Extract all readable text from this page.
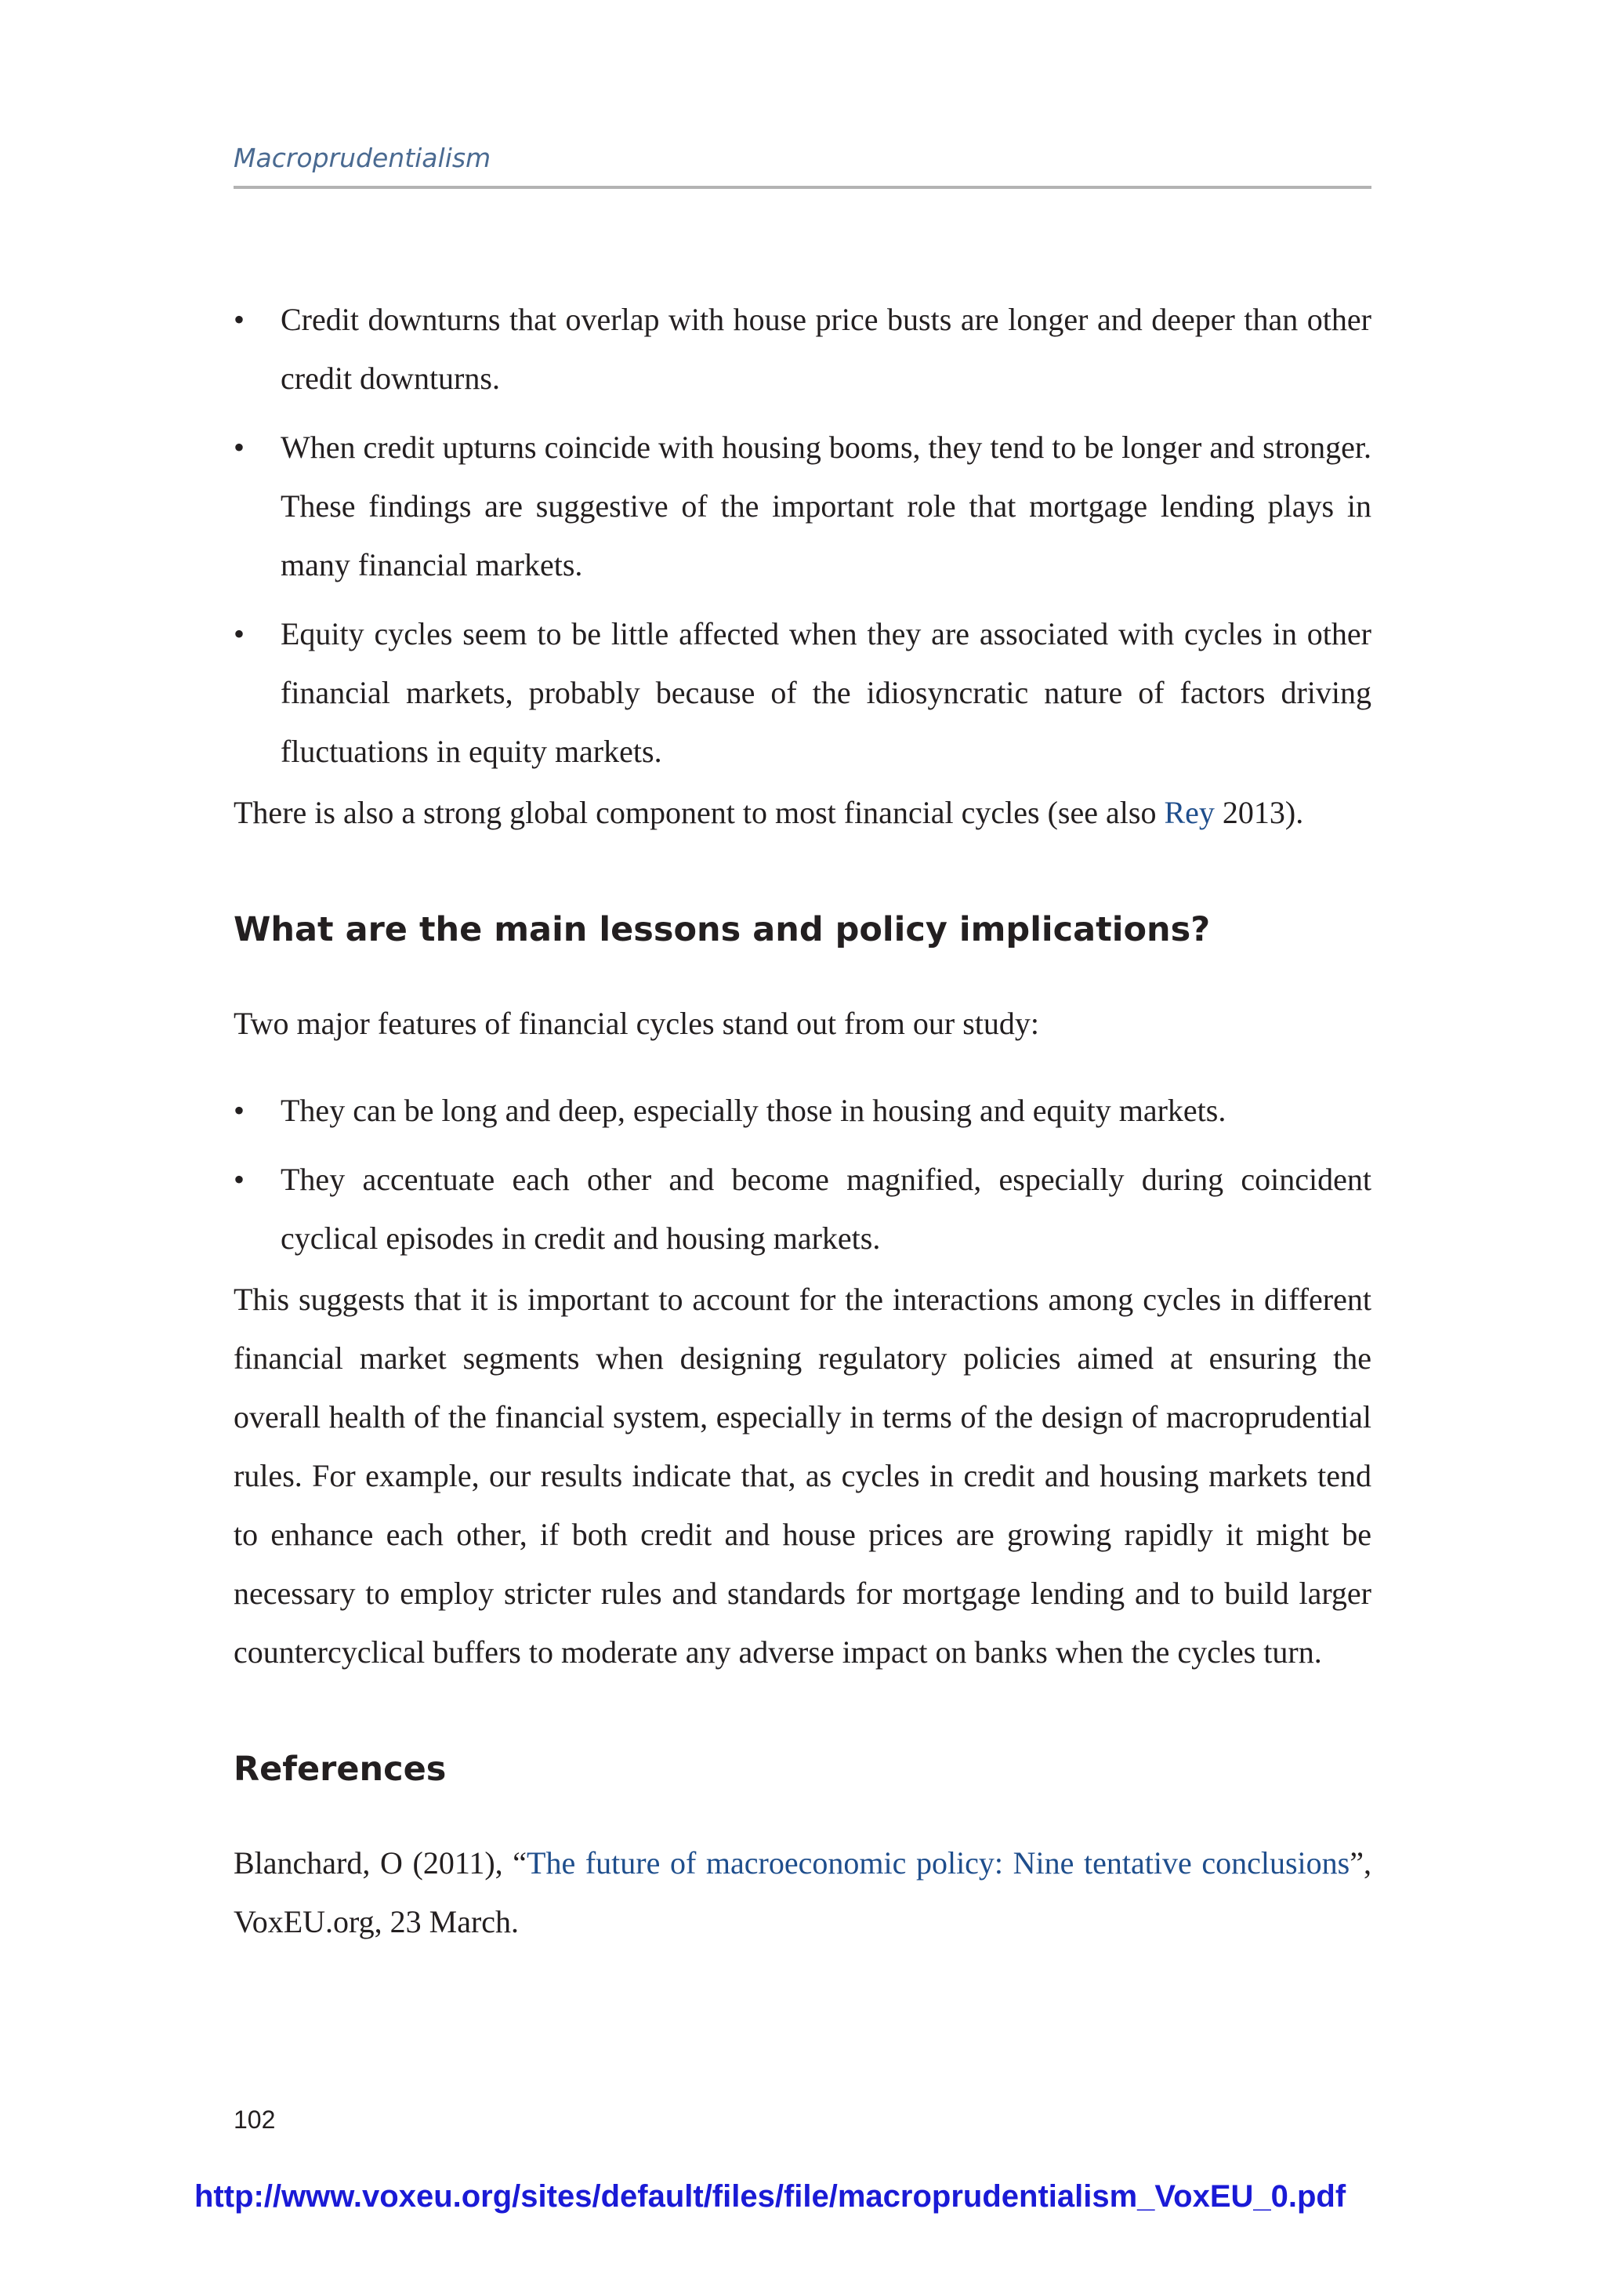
Macroprudentialism
•	Credit downturns that overlap with house price busts are longer and deeper than other credit downturns.

•	When credit upturns coincide with housing booms, they tend to be longer and stronger. These findings are suggestive of the important role that mortgage lending plays in many financial markets.

•	Equity cycles seem to be little affected when they are associated with cycles in other financial markets, probably because of the idiosyncratic nature of factors driving fluctuations in equity markets.

There is also a strong global component to most financial cycles (see also Rey 2013).

What are the main lessons and policy implications?

Two major features of financial cycles stand out from our study:

•	They can be long and deep, especially those in housing and equity markets.

•	They accentuate each other and become magnified, especially during coincident cyclical episodes in credit and housing markets.

This suggests that it is important to account for the interactions among cycles in different financial market segments when designing regulatory policies aimed at ensuring the overall health of the financial system, especially in terms of the design of macroprudential rules. For example, our results indicate that, as cycles in credit and housing markets tend to enhance each other, if both credit and house prices are growing rapidly it might be necessary to employ stricter rules and standards for mortgage lending and to build larger countercyclical buffers to moderate any adverse impact on banks when the cycles turn.

References

Blanchard, O (2011), “The future of macroeconomic policy: Nine tentative conclusions”, VoxEU.org, 23 March.

102
http://www.voxeu.org/sites/default/files/file/macroprudentialism_VoxEU_0.pdf
